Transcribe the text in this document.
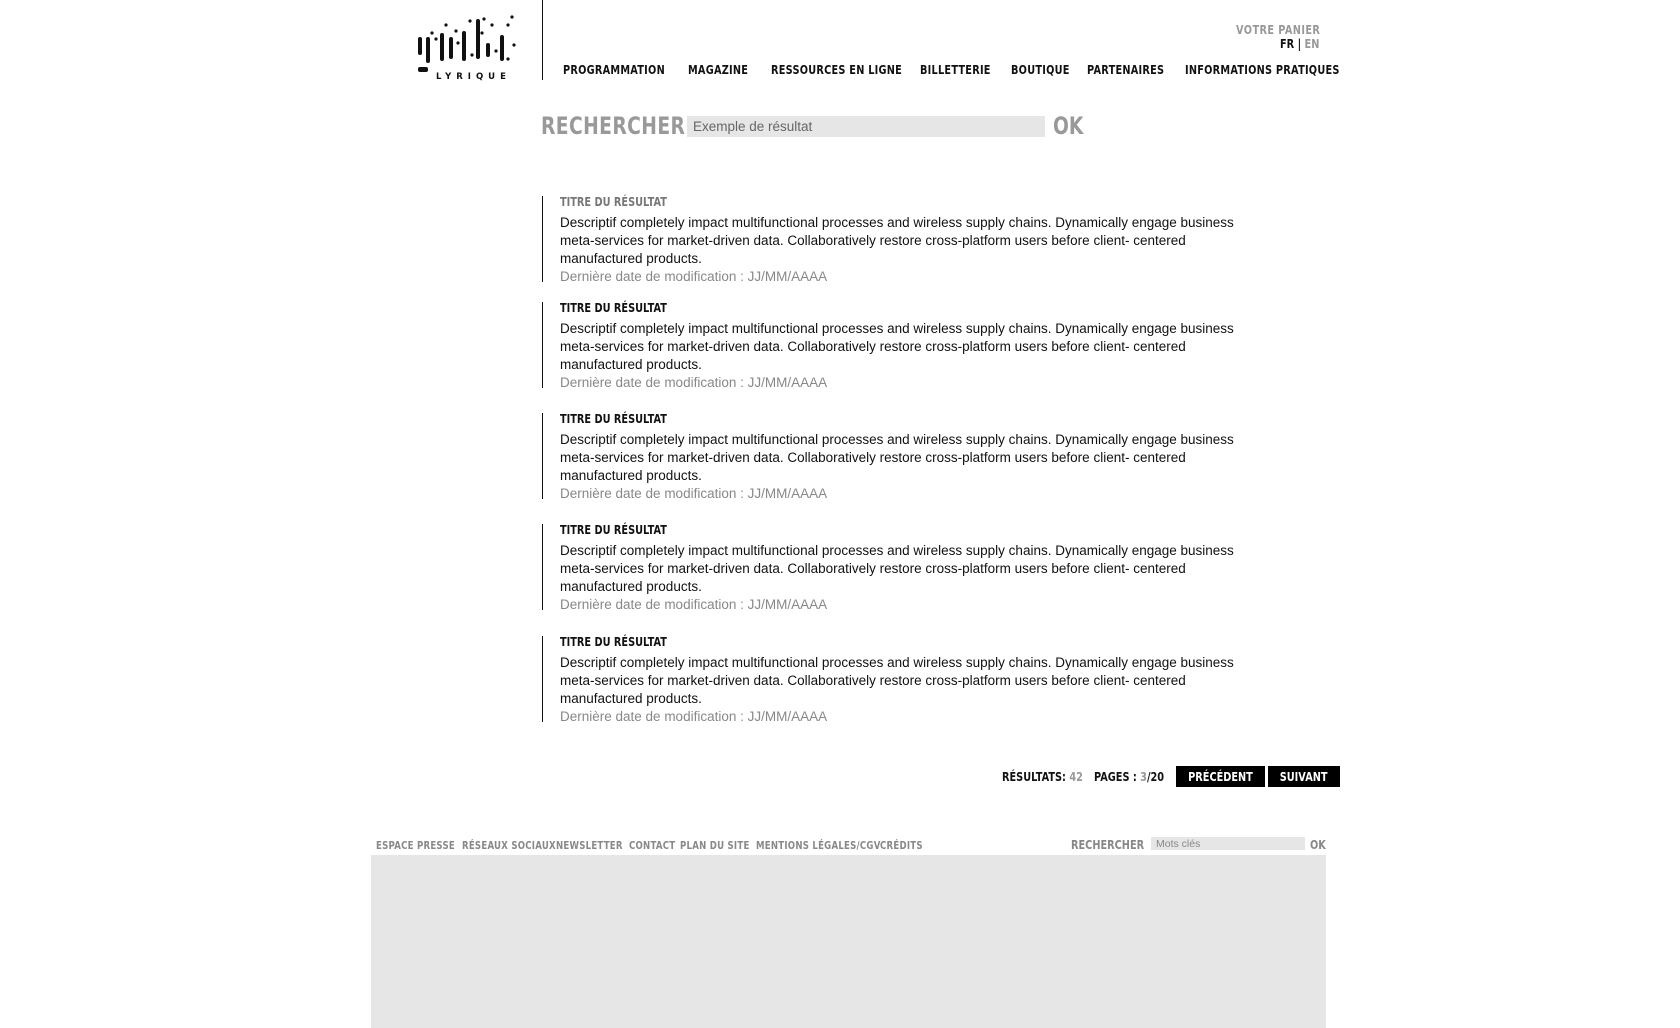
LYRIQUE
VOTRE PANIER
FR | EN
PROGRAMMATION MAGAZINE RESSOURCES EN LIGNE BILLETTERIE BOUTIQUE PARTENAIRES INFORMATIONS PRATIQUES
RECHERCHER
Exemple de résultat	OK
TITRE DU RÉSULTAT
Descriptif completely impact multifunctional processes and wireless supply chains. Dynamically engage business meta-services for market-driven data. Collaboratively restore cross-platform users before client- centered manufactured products.
Dernière date de modification : JJ/MM/AAAA
TITRE DU RÉSULTAT
Descriptif completely impact multifunctional processes and wireless supply chains. Dynamically engage business meta-services for market-driven data. Collaboratively restore cross-platform users before client- centered manufactured products.
Dernière date de modification : JJ/MM/AAAA
TITRE DU RÉSULTAT
Descriptif completely impact multifunctional processes and wireless supply chains. Dynamically engage business meta-services for market-driven data. Collaboratively restore cross-platform users before client- centered manufactured products.
Dernière date de modification : JJ/MM/AAAA
TITRE DU RÉSULTAT
Descriptif completely impact multifunctional processes and wireless supply chains. Dynamically engage business meta-services for market-driven data. Collaboratively restore cross-platform users before client- centered manufactured products.
Dernière date de modification : JJ/MM/AAAA
TITRE DU RÉSULTAT
Descriptif completely impact multifunctional processes and wireless supply chains. Dynamically engage business meta-services for market-driven data. Collaboratively restore cross-platform users before client- centered manufactured products.
Dernière date de modification : JJ/MM/AAAA
RÉSULTATS: 42 PAGES : 3/20	PRÉCÉDENT	SUIVANT
ESPACE PRESSE RÉSEAUX SOCIAUX NEWSLETTER CONTACT PLAN DU SITE MENTIONS LÉGALES/CGV CRÉDITS	RECHERCHER
Mots clés	OK
